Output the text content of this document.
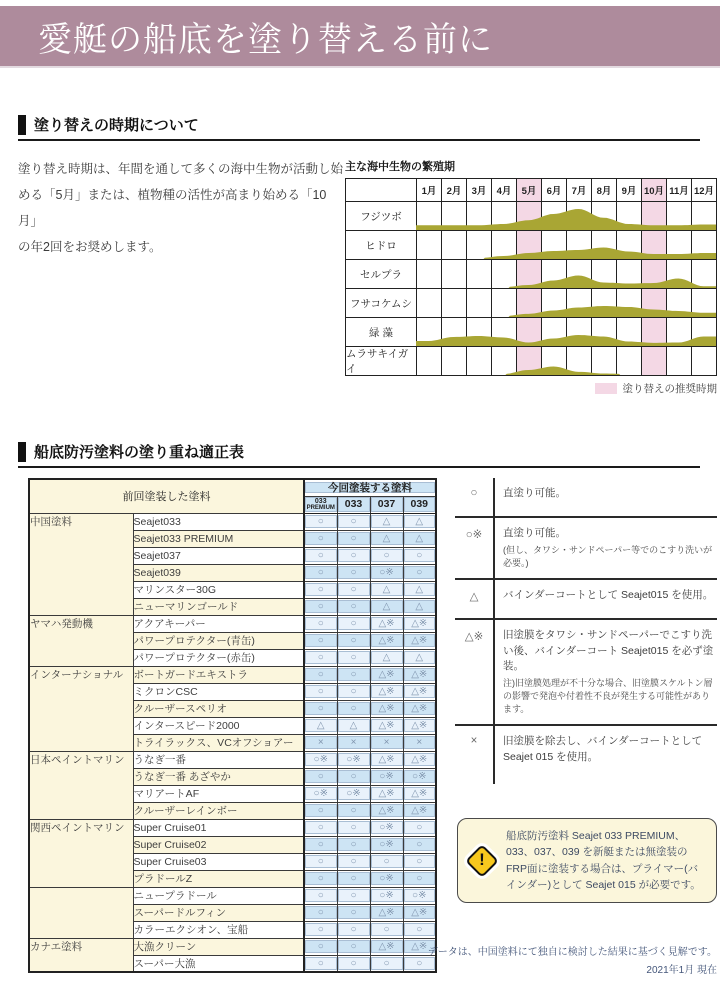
愛艇の船底を塗り替える前に
塗り替えの時期について
塗り替え時期は、年間を通して多くの海中生物が活動し始
める「5月」または、植物種の活性が高まり始める「10月」
の年2回をお奨めします。
主な海中生物の繁殖期
1月	2月	3月	4月	5月	6月	7月	8月	9月 10月 11月 12月
フジツボ
ヒドロ
セルプラ
フサコケムシ
緑 藻
ムラサキイガイ
塗り替えの推奨時期
船底防汚塗料の塗り重ね適正表
前回塗装した塗料		今回塗装する塗料			

		033
PREMIUM	033	037	039

中国塗料	Seajet033	○	○	△	△

	Seajet033 PREMIUM	○	○	△	△

	Seajet037	○	○	○	○

	Seajet039	○	○	○※	○

	マリンスター30G	○	○	△	△

	ニューマリンゴールド	○	○	△	△

ヤマハ発動機	アクアキーパー	○	○	△※	△※

	パワープロテクター(青缶)	○	○	△※	△※

	パワープロテクター(赤缶)	○	○	△	△

インターナショナル	ボートガードエキストラ	○	○	△※	△※

	ミクロンCSC	○	○	△※	△※

	クルーザースペリオ	○	○	△※	△※

	インタースピード2000	△	△	△※	△※

	トライラックス、VCオフショアー	×	×	×	×

日本ペイントマリン	うなぎ一番	○※	○※	△※	△※

	うなぎ一番 あざやか	○	○	○※	○※

	マリアートAF	○※	○※	△※	△※

	クルーザーレインボー	○	○	△※	△※

関西ペイントマリン	Super Cruise01	○	○	○※	○

	Super Cruise02	○	○	○※	○

	Super Cruise03	○	○	○	○

	プラドールZ	○	○	○※	○

	ニュープラドール	○	○	○※	○※

	スーパードルフィン	○	○	△※	△※

	カラーエクシオン、宝船	○	○	○	○

カナエ塗料	大漁クリーン	○	○	△※	△※

	スーパー大漁	○	○	○	○
○	直塗り可能。
○※	直塗り可能。
(但し、タワシ・サンドペーパー等でのこすり洗いが必要。)
△	バインダーコートとして Seajet015 を使用。
△※	旧塗膜をタワシ・サンドペーパーでこすり洗い後、バインダーコート Seajet015 を必ず塗装。
注)旧塗膜処理が不十分な場合、旧塗膜スケルトン層の影響で発泡や付着性不良が発生する可能性があります。
×	旧塗膜を除去し、バインダーコートとして Seajet 015 を使用。
!
船底防汚塗料 Seajet 033 PREMIUM、033、037、039 を新艇または無塗装のFRP面に塗装する場合は、プライマー(バインダー)として Seajet 015 が必要です。
データは、中国塗料にて独自に検討した結果に基づく見解です。
2021年1月 現在
